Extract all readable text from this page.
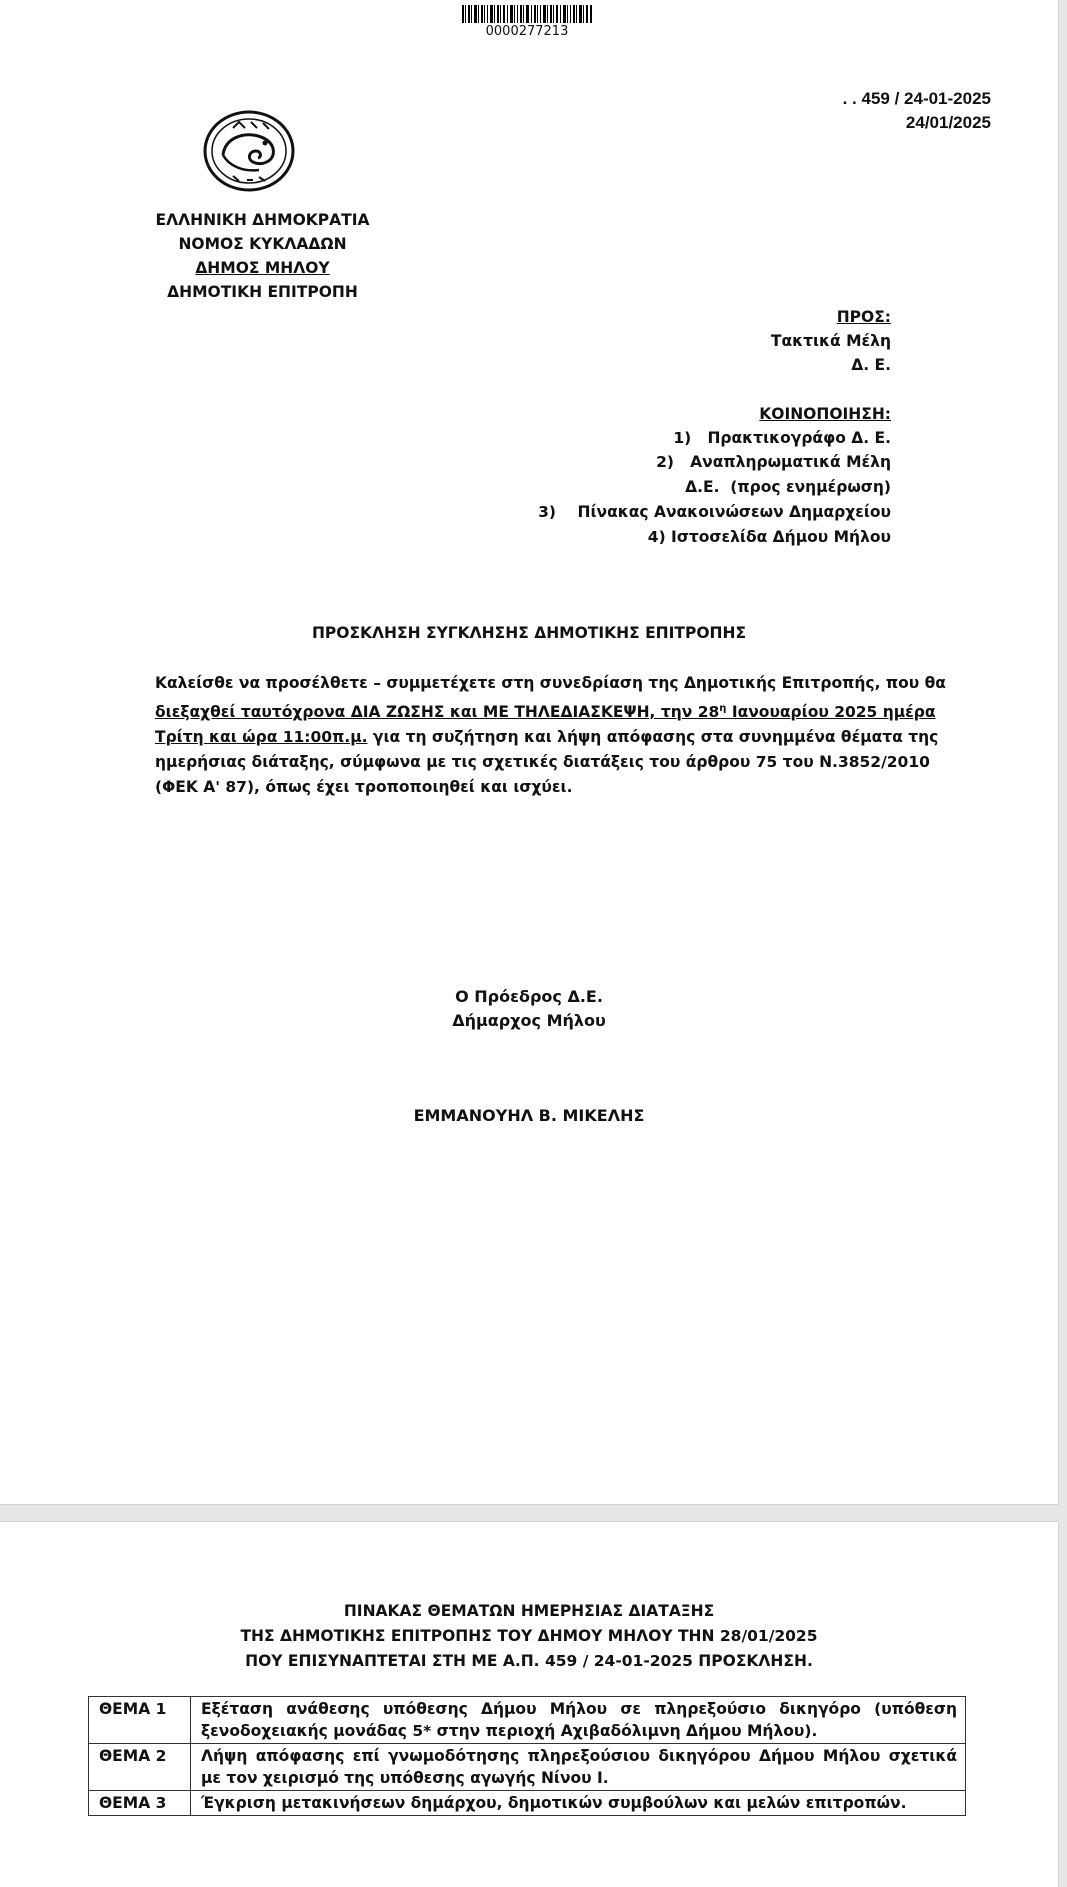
0000277213
. . 459 / 24-01-2025
24/01/2025
ΕΛΛΗΝΙΚΗ ΔΗΜΟΚΡΑΤΙΑ
ΝΟΜΟΣ ΚΥΚΛΑΔΩΝ
ΔΗΜΟΣ ΜΗΛΟΥ
ΔΗΜΟΤΙΚΗ ΕΠΙΤΡΟΠΗ
ΠΡΟΣ:
Τακτικά Μέλη
Δ. Ε.
ΚΟΙΝΟΠΟΙΗΣΗ:
1)   Πρακτικογράφο Δ. Ε.
2)   Αναπληρωματικά Μέλη
Δ.Ε.  (προς ενημέρωση)
3)    Πίνακας Ανακοινώσεων Δημαρχείου
4) Ιστοσελίδα Δήμου Μήλου
ΠΡΟΣΚΛΗΣΗ ΣΥΓΚΛΗΣΗΣ ΔΗΜΟΤΙΚΗΣ ΕΠΙΤΡΟΠΗΣ
Καλείσθε να προσέλθετε – συμμετέχετε στη συνεδρίαση της Δημοτικής Επιτροπής, που θα
διεξαχθεί ταυτόχρονα ΔΙΑ ΖΩΣΗΣ και ΜΕ ΤΗΛΕΔΙΑΣΚΕΨΗ, την $28^\eta$ Ιανουαρίου 2025 ημέρα
Τρίτη και ώρα 11:00π.μ. για τη συζήτηση και λήψη απόφασης στα συνημμένα θέματα της
ημερήσιας διάταξης, σύμφωνα με τις σχετικές διατάξεις του άρθρου 75 του Ν.3852/2010
(ΦΕΚ Α' 87), όπως έχει τροποποιηθεί και ισχύει.
Ο Πρόεδρος Δ.Ε.
Δήμαρχος Μήλου
ΕΜΜΑΝΟΥΗΛ Β. ΜΙΚΕΛΗΣ
ΠΙΝΑΚΑΣ ΘΕΜΑΤΩΝ ΗΜΕΡΗΣΙΑΣ ΔΙΑΤΑΞΗΣ
ΤΗΣ ΔΗΜΟΤΙΚΗΣ ΕΠΙΤΡΟΠΗΣ ΤΟΥ ΔΗΜΟΥ ΜΗΛΟΥ ΤΗΝ 28/01/2025
ΠΟΥ ΕΠΙΣΥΝΑΠΤΕΤΑΙ ΣΤΗ ΜΕ Α.Π. 459 / 24-01-2025 ΠΡΟΣΚΛΗΣΗ.
ΘΕΜΑ 1	Εξέταση ανάθεσης υπόθεσης Δήμου Μήλου σε πληρεξούσιο δικηγόρο (υπόθεση ξενοδοχειακής μονάδας 5* στην περιοχή Αχιβαδόλιμνη Δήμου Μήλου).
ΘΕΜΑ 2	Λήψη απόφασης επί γνωμοδότησης πληρεξούσιου δικηγόρου Δήμου Μήλου σχετικά με τον χειρισμό της υπόθεσης αγωγής Νίνου Ι.
ΘΕΜΑ 3	Έγκριση μετακινήσεων δημάρχου, δημοτικών συμβούλων και μελών επιτροπών.
